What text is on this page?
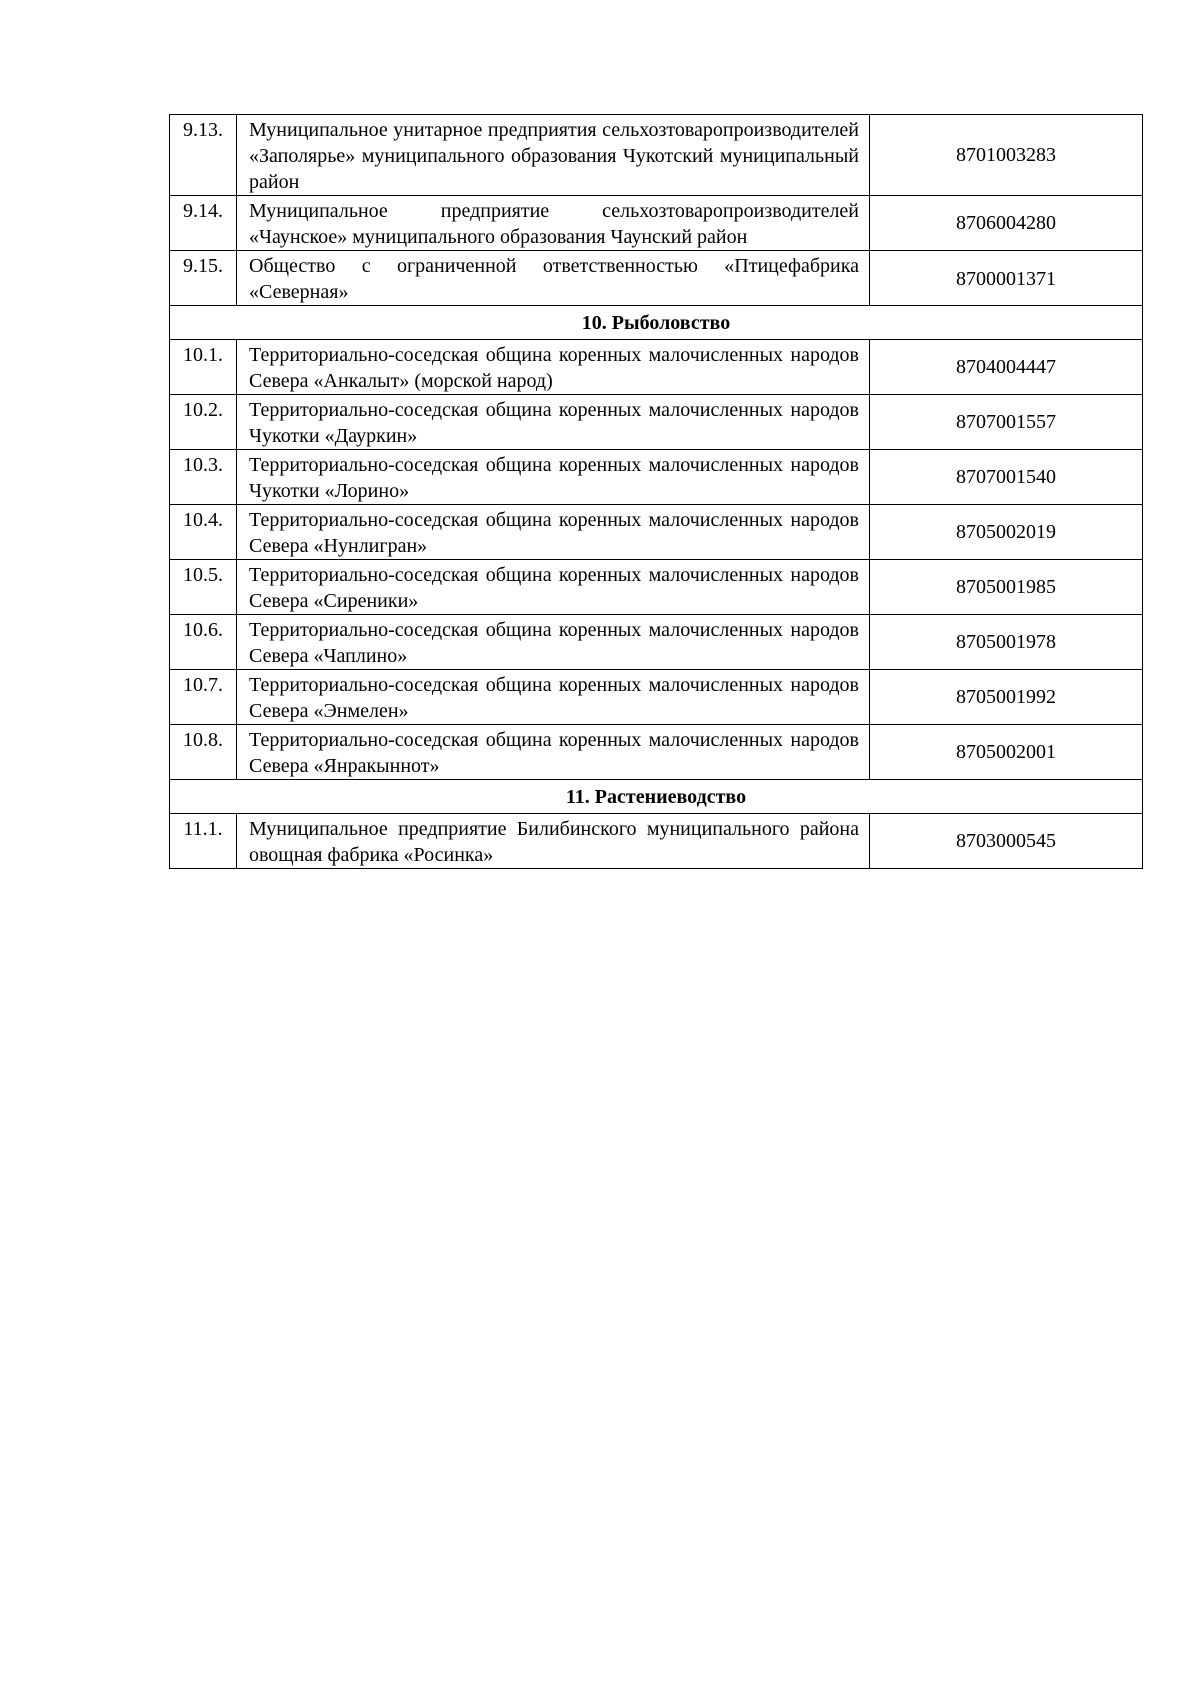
9.13.	Муниципальное унитарное предприятия сельхозтоваропроизводителей «Заполярье» муниципального образования Чукотский муниципальный район	8701003283
9.14.	Муниципальное предприятие сельхозтоваропроизводителей «Чаунское» муниципального образования Чаунский район	8706004280
9.15.	Общество с ограниченной ответственностью «Птицефабрика «Северная»	8700001371
10. Рыболовство		
10.1.	Территориально-соседская община коренных малочисленных народов Севера «Анкалыт» (морской народ)	8704004447
10.2.	Территориально-соседская община коренных малочисленных народов Чукотки «Дауркин»	8707001557
10.3.	Территориально-соседская община коренных малочисленных народов Чукотки «Лорино»	8707001540
10.4.	Территориально-соседская община коренных малочисленных народов Севера «Нунлигран»	8705002019
10.5.	Территориально-соседская община коренных малочисленных народов Севера «Сиреники»	8705001985
10.6.	Территориально-соседская община коренных малочисленных народов Севера «Чаплино»	8705001978
10.7.	Территориально-соседская община коренных малочисленных народов Севера «Энмелен»	8705001992
10.8.	Территориально-соседская община коренных малочисленных народов Севера «Янракыннот»	8705002001
11. Растениеводство		
11.1.	Муниципальное предприятие Билибинского муниципального района овощная фабрика «Росинка»	8703000545
